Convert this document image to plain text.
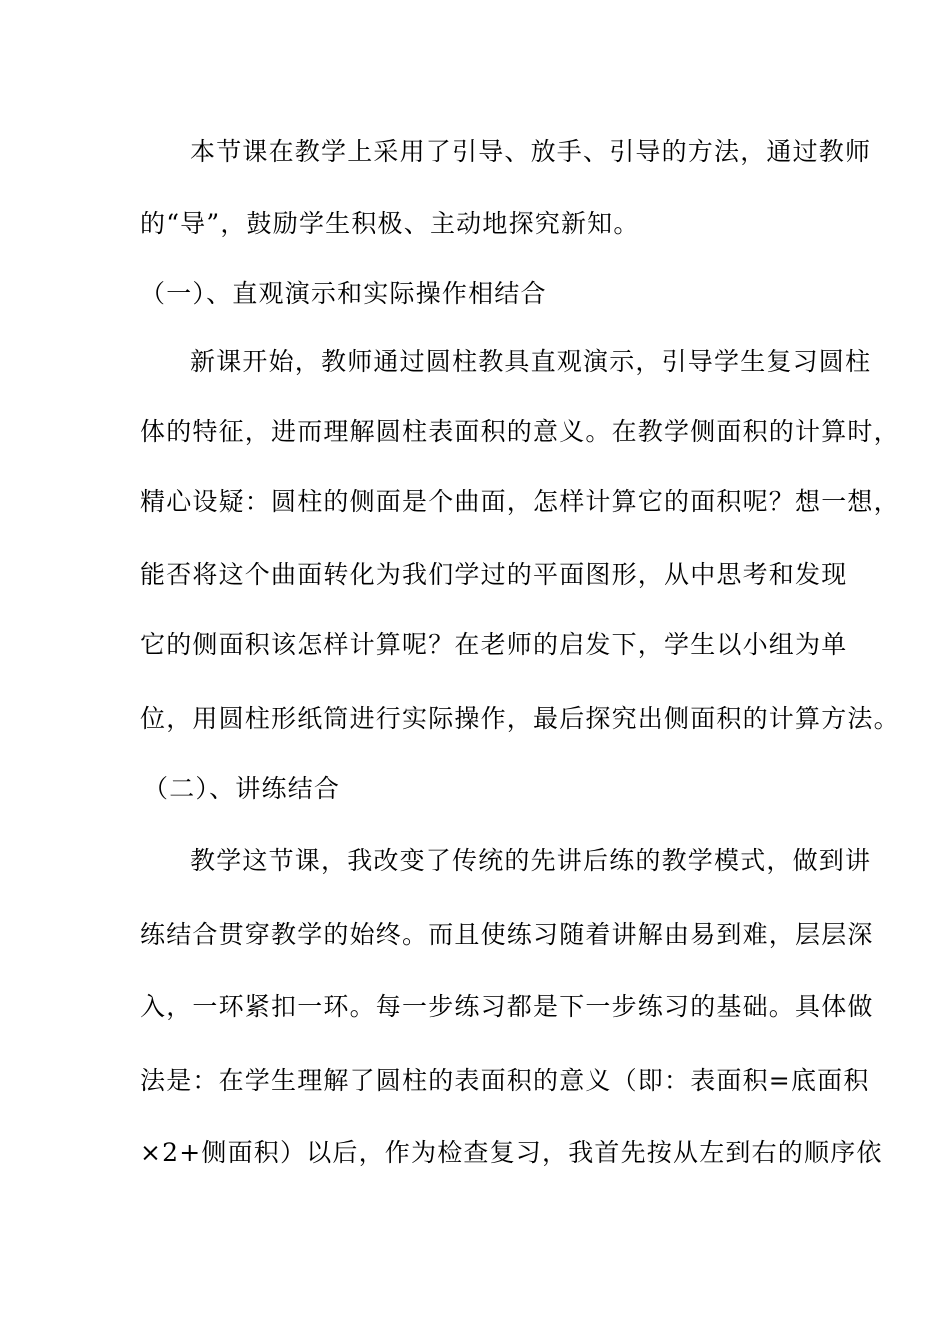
本节课在教学上采用了引导、放手、引导的方法，通过教师
的“导”，鼓励学生积极、主动地探究新知。
（一）、直观演示和实际操作相结合
新课开始，教师通过圆柱教具直观演示，引导学生复习圆柱
体的特征，进而理解圆柱表面积的意义。在教学侧面积的计算时，
精心设疑：圆柱的侧面是个曲面，怎样计算它的面积呢？想一想，
能否将这个曲面转化为我们学过的平面图形，从中思考和发现
它的侧面积该怎样计算呢？在老师的启发下，学生以小组为单
位，用圆柱形纸筒进行实际操作，最后探究出侧面积的计算方法。
（二）、讲练结合
教学这节课，我改变了传统的先讲后练的教学模式，做到讲
练结合贯穿教学的始终。而且使练习随着讲解由易到难，层层深
入，一环紧扣一环。每一步练习都是下一步练习的基础。具体做
法是：在学生理解了圆柱的表面积的意义（即：表面积=底面积
×2+侧面积）以后，作为检查复习，我首先按从左到右的顺序依
